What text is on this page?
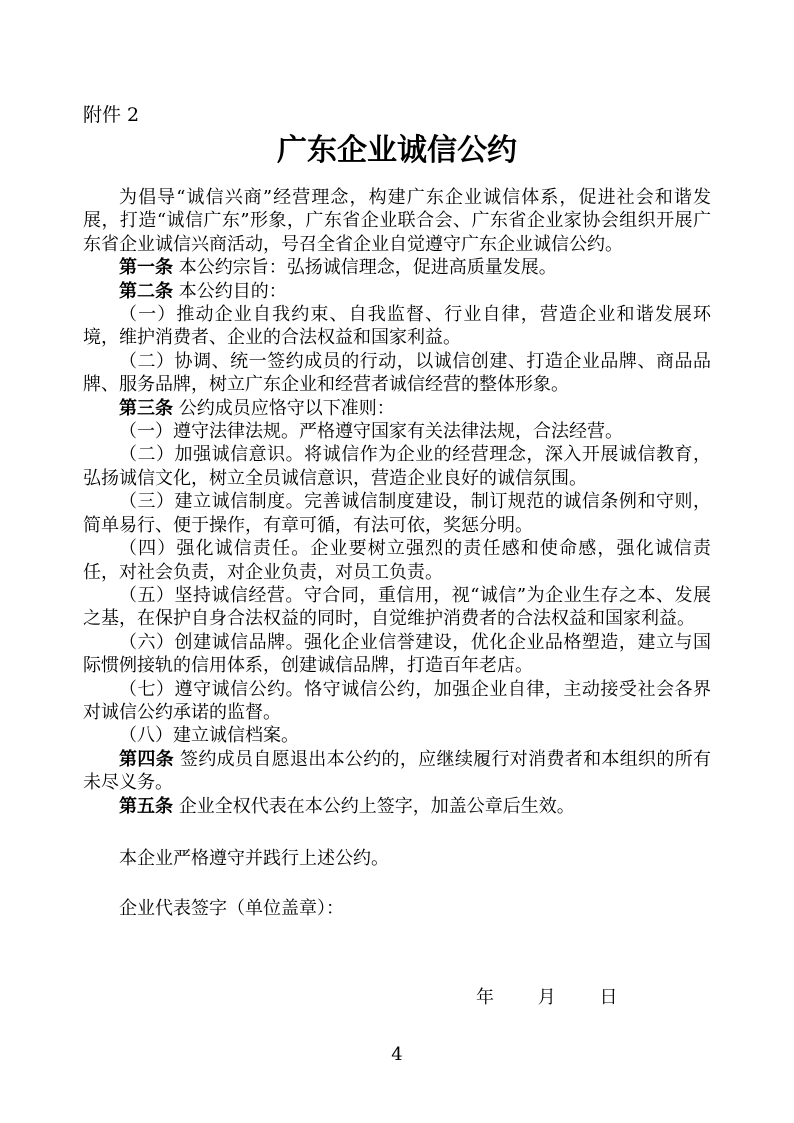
附件 2
广东企业诚信公约

为倡导“诚信兴商”经营理念，构建广东企业诚信体系，促进社会和谐发展，打造“诚信广东”形象，广东省企业联合会、广东省企业家协会组织开展广东省企业诚信兴商活动，号召全省企业自觉遵守广东企业诚信公约。

第一条 本公约宗旨：弘扬诚信理念，促进高质量发展。

第二条 本公约目的：

（一）推动企业自我约束、自我监督、行业自律，营造企业和谐发展环境，维护消费者、企业的合法权益和国家利益。

（二）协调、统一签约成员的行动，以诚信创建、打造企业品牌、商品品牌、服务品牌，树立广东企业和经营者诚信经营的整体形象。

第三条 公约成员应恪守以下准则：

（一）遵守法律法规。严格遵守国家有关法律法规，合法经营。

（二）加强诚信意识。将诚信作为企业的经营理念，深入开展诚信教育，弘扬诚信文化，树立全员诚信意识，营造企业良好的诚信氛围。

（三）建立诚信制度。完善诚信制度建设，制订规范的诚信条例和守则，简单易行、便于操作，有章可循，有法可依，奖惩分明。

（四）强化诚信责任。企业要树立强烈的责任感和使命感，强化诚信责任，对社会负责，对企业负责，对员工负责。

（五）坚持诚信经营。守合同，重信用，视“诚信”为企业生存之本、发展之基，在保护自身合法权益的同时，自觉维护消费者的合法权益和国家利益。

（六）创建诚信品牌。强化企业信誉建设，优化企业品格塑造，建立与国际惯例接轨的信用体系，创建诚信品牌，打造百年老店。

（七）遵守诚信公约。恪守诚信公约，加强企业自律，主动接受社会各界对诚信公约承诺的监督。

（八）建立诚信档案。

第四条 签约成员自愿退出本公约的，应继续履行对消费者和本组织的所有未尽义务。

第五条 企业全权代表在本公约上签字，加盖公章后生效。

本企业严格遵守并践行上述公约。
企业代表签字（单位盖章）：
年 月 日
4
